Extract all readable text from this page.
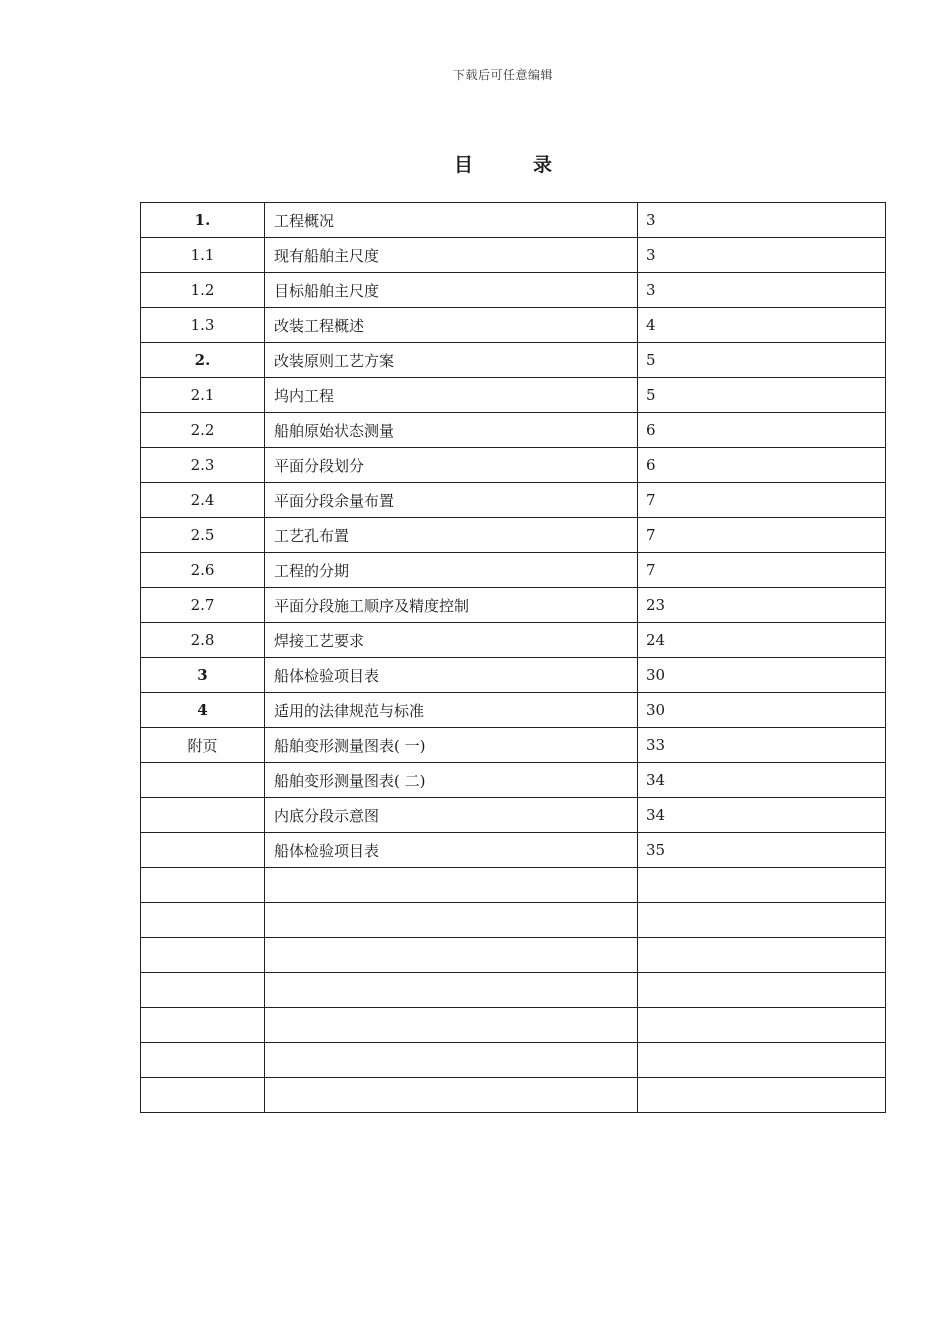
下载后可任意编辑
目录
1.	工程概况	3
1.1	现有船舶主尺度	3
1.2	目标船舶主尺度	3
1.3	改装工程概述	4
2.	改装原则工艺方案	5
2.1	坞内工程	5
2.2	船舶原始状态测量	6
2.3	平面分段划分	6
2.4	平面分段余量布置	7
2.5	工艺孔布置	7
2.6	工程的分期	7
2.7	平面分段施工顺序及精度控制	23
2.8	焊接工艺要求	24
3	船体检验项目表	30
4	适用的法律规范与标准	30
附页	船舶变形测量图表( 一)	33
	船舶变形测量图表( 二)	34
	内底分段示意图	34
	船体检验项目表	35
